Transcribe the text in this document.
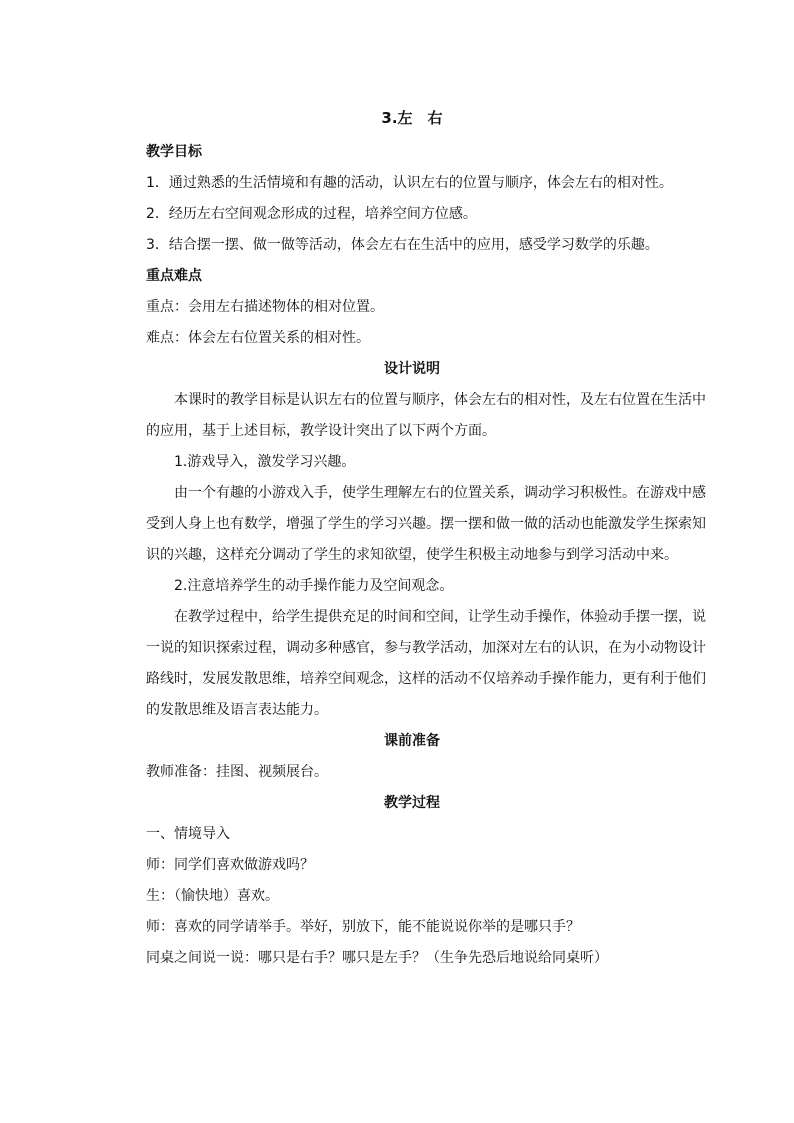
3.左　右
教学目标
1．通过熟悉的生活情境和有趣的活动，认识左右的位置与顺序，体会左右的相对性。
2．经历左右空间观念形成的过程，培养空间方位感。
3．结合摆一摆、做一做等活动，体会左右在生活中的应用，感受学习数学的乐趣。
重点难点
重点：会用左右描述物体的相对位置。
难点：体会左右位置关系的相对性。
设计说明
本课时的教学目标是认识左右的位置与顺序，体会左右的相对性，及左右位置在生活中
的应用，基于上述目标，教学设计突出了以下两个方面。
1.游戏导入，激发学习兴趣。
由一个有趣的小游戏入手，使学生理解左右的位置关系，调动学习积极性。在游戏中感
受到人身上也有数学，增强了学生的学习兴趣。摆一摆和做一做的活动也能激发学生探索知
识的兴趣，这样充分调动了学生的求知欲望，使学生积极主动地参与到学习活动中来。
2.注意培养学生的动手操作能力及空间观念。
在教学过程中，给学生提供充足的时间和空间，让学生动手操作，体验动手摆一摆，说
一说的知识探索过程，调动多种感官，参与教学活动，加深对左右的认识，在为小动物设计
路线时，发展发散思维，培养空间观念，这样的活动不仅培养动手操作能力，更有利于他们
的发散思维及语言表达能力。
课前准备
教师准备：挂图、视频展台。
教学过程
一、情境导入
师：同学们喜欢做游戏吗？
生：（愉快地）喜欢。
师：喜欢的同学请举手。举好，别放下，能不能说说你举的是哪只手？
同桌之间说一说：哪只是右手？哪只是左手？（生争先恐后地说给同桌听）
